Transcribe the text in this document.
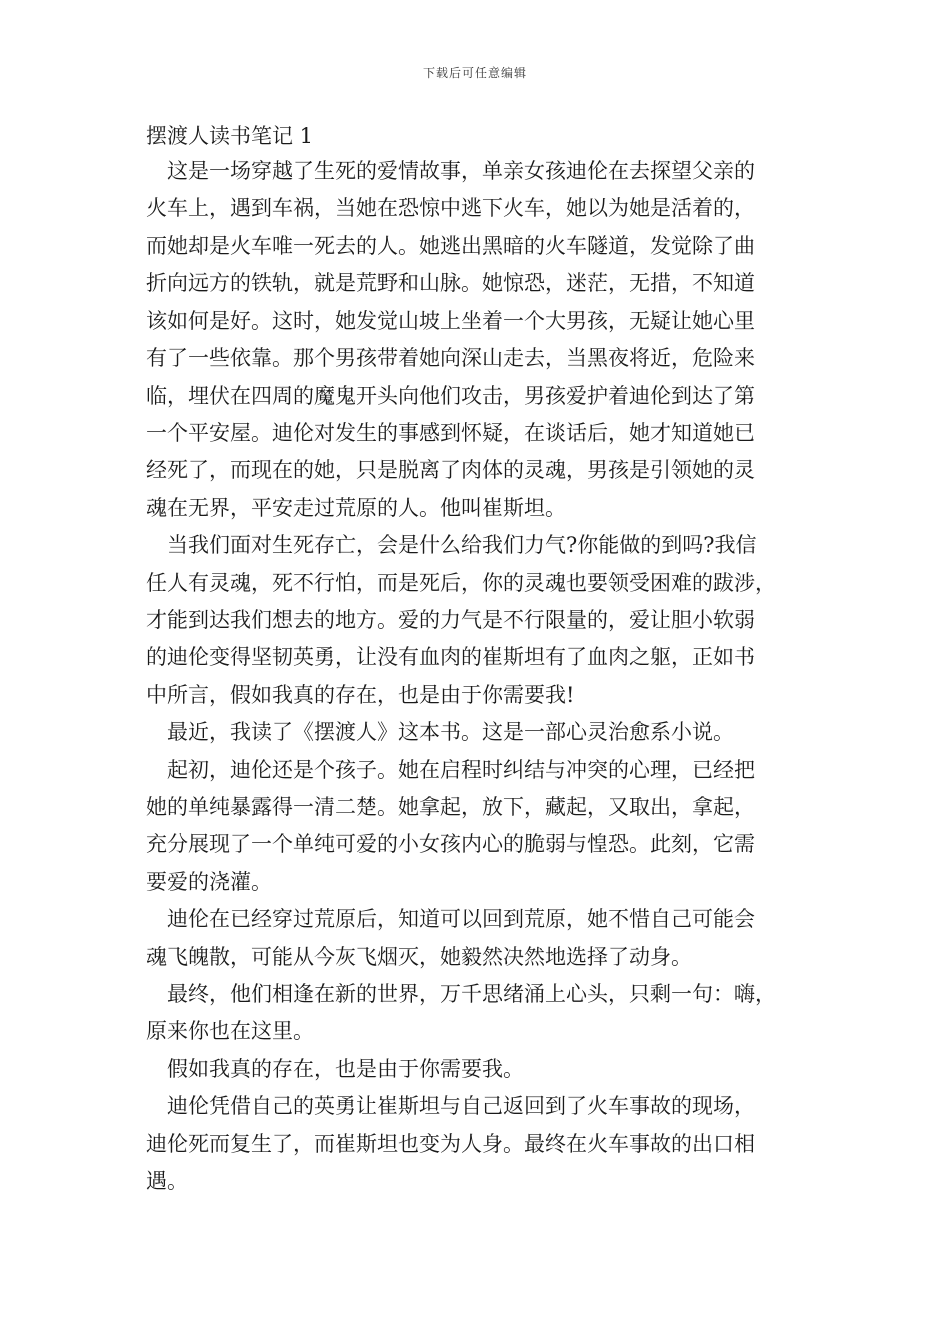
下载后可任意编辑
摆渡人读书笔记 1
　这是一场穿越了生死的爱情故事，单亲女孩迪伦在去探望父亲的
火车上，遇到车祸，当她在恐惊中逃下火车，她以为她是活着的，
而她却是火车唯一死去的人。她逃出黑暗的火车隧道，发觉除了曲
折向远方的铁轨，就是荒野和山脉。她惊恐，迷茫，无措，不知道
该如何是好。这时，她发觉山坡上坐着一个大男孩，无疑让她心里
有了一些依靠。那个男孩带着她向深山走去，当黑夜将近，危险来
临，埋伏在四周的魔鬼开头向他们攻击，男孩爱护着迪伦到达了第
一个平安屋。迪伦对发生的事感到怀疑，在谈话后，她才知道她已
经死了，而现在的她，只是脱离了肉体的灵魂，男孩是引领她的灵
魂在无界，平安走过荒原的人。他叫崔斯坦。
　当我们面对生死存亡，会是什么给我们力气?你能做的到吗?我信
任人有灵魂，死不行怕，而是死后，你的灵魂也要领受困难的跋涉，
才能到达我们想去的地方。爱的力气是不行限量的，爱让胆小软弱
的迪伦变得坚韧英勇，让没有血肉的崔斯坦有了血肉之躯，正如书
中所言，假如我真的存在，也是由于你需要我!
　最近，我读了《摆渡人》这本书。这是一部心灵治愈系小说。
　起初，迪伦还是个孩子。她在启程时纠结与冲突的心理，已经把
她的单纯暴露得一清二楚。她拿起，放下，藏起，又取出，拿起，
充分展现了一个单纯可爱的小女孩内心的脆弱与惶恐。此刻，它需
要爱的浇灌。
　迪伦在已经穿过荒原后，知道可以回到荒原，她不惜自己可能会
魂飞魄散，可能从今灰飞烟灭，她毅然决然地选择了动身。
　最终，他们相逢在新的世界，万千思绪涌上心头，只剩一句：嗨，
原来你也在这里。
　假如我真的存在，也是由于你需要我。
　迪伦凭借自己的英勇让崔斯坦与自己返回到了火车事故的现场，
迪伦死而复生了，而崔斯坦也变为人身。最终在火车事故的出口相
遇。
